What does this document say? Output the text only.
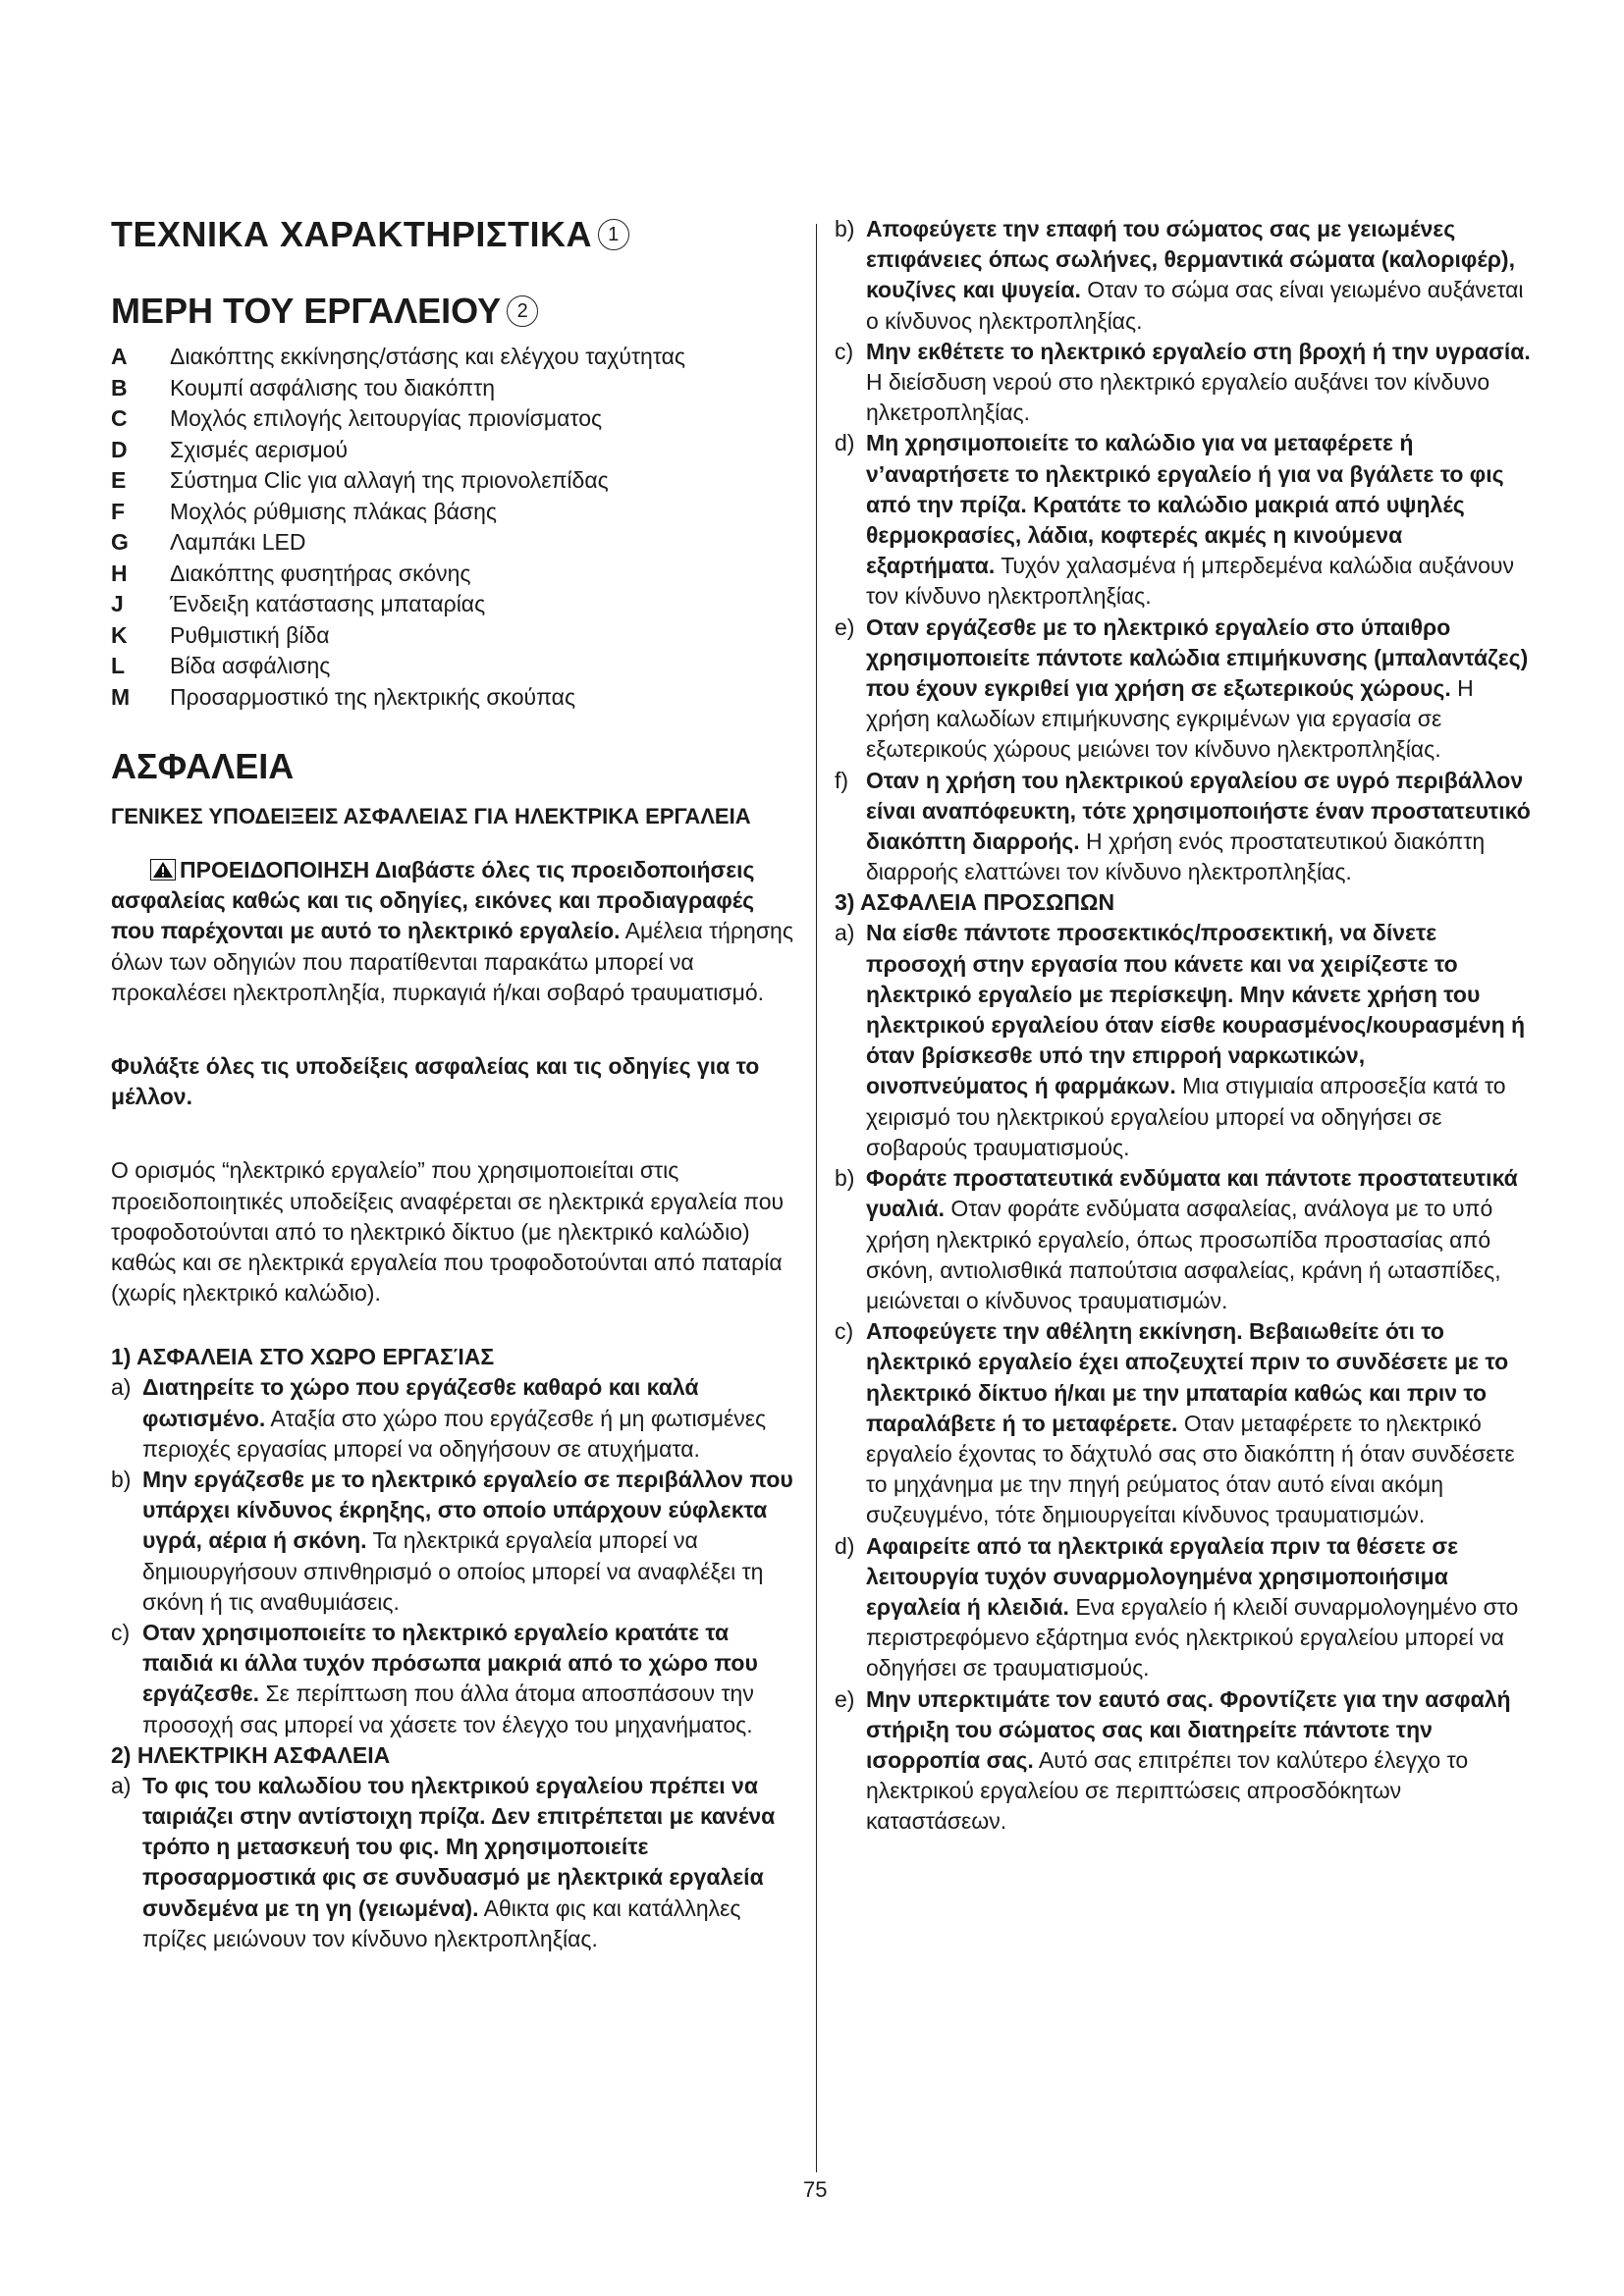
ΤΕΧΝΙΚΑ ΧΑΡΑΚΤΗΡΙΣΤΙΚΑ 1
ΜΕΡΗ ΤΟΥ ΕΡΓΑΛΕΙΟΥ 2
A	Διακόπτης εκκίνησης/στάσης και ελέγχου ταχύτητας
B	Κουμπί ασφάλισης του διακόπτη
C	Μοχλός επιλογής λειτουργίας πριονίσματος
D	Σχισμές αερισμού
E	Σύστημα Clic για αλλαγή της πριονολεπίδας
F	Μοχλός ρύθμισης πλάκας βάσης
G	Λαμπάκι LED
H	Διακόπτης φυσητήρας σκόνης
J	Ένδειξη κατάστασης μπαταρίας
K	Ρυθμιστική βίδα
L	Βίδα ασφάλισης
M	Προσαρμοστικό της ηλεκτρικής σκούπας
ΑΣΦΑΛΕΙΑ
ΓΕΝΙΚΕΣ ΥΠΟΔΕΙΞΕΙΣ ΑΣΦΑΛΕΙΑΣ ΓΙΑ ΗΛΕΚΤΡΙΚΑ ΕΡΓΑΛΕΙΑ

ΠΡΟΕΙΔΟΠΟΙΗΣΗ Διαβάστε όλες τις προειδοποιήσεις ασφαλείας καθώς και τις οδηγίες, εικόνες και προδιαγραφές που παρέχονται με αυτό το ηλεκτρικό εργαλείο. Αμέλεια τήρησης όλων των οδηγιών που παρατίθενται παρακάτω μπορεί να προκαλέσει ηλεκτροπληξία, πυρκαγιά ή/και σοβαρό τραυματισμό.

Φυλάξτε όλες τις υποδείξεις ασφαλείας και τις οδηγίες για το μέλλον.

Ο ορισμός “ηλεκτρικό εργαλείο” που χρησιμοποιείται στις προειδοποιητικές υποδείξεις αναφέρεται σε ηλεκτρικά εργαλεία που τροφοδοτούνται από το ηλεκτρικό δίκτυο (με ηλεκτρικό καλώδιο) καθώς και σε ηλεκτρικά εργαλεία που τροφοδοτούνται από παταρία (χωρίς ηλεκτρικό καλώδιο).

1) ΑΣΦΑΛΕΙΑ ΣΤΟ ΧΩΡΟ ΕΡΓΑΣΊΑΣ
a) Διατηρείτε το χώρο που εργάζεσθε καθαρό και καλά φωτισμένο. Αταξία στο χώρο που εργάζεσθε ή μη φωτισμένες περιοχές εργασίας μπορεί να οδηγήσουν σε ατυχήματα.
b) Μην εργάζεσθε με το ηλεκτρικό εργαλείο σε περιβάλλον που υπάρχει κίνδυνος έκρηξης, στο οποίο υπάρχουν εύφλεκτα υγρά, αέρια ή σκόνη. Τα ηλεκτρικά εργαλεία μπορεί να δημιουργήσουν σπινθηρισμό ο οποίος μπορεί να αναφλέξει τη σκόνη ή τις αναθυμιάσεις.
c) Οταν χρησιμοποιείτε το ηλεκτρικό εργαλείο κρατάτε τα παιδιά κι άλλα τυχόν πρόσωπα μακριά από το χώρο που εργάζεσθε. Σε περίπτωση που άλλα άτομα αποσπάσουν την προσοχή σας μπορεί να χάσετε τον έλεγχο του μηχανήματος.
2) ΗΛΕΚΤΡΙΚΗ ΑΣΦΑΛΕΙΑ
a) Το φις του καλωδίου του ηλεκτρικού εργαλείου πρέπει να ταιριάζει στην αντίστοιχη πρίζα. Δεν επιτρέπεται με κανένα τρόπο η μετασκευή του φις. Μη χρησιμοποιείτε προσαρμοστικά φις σε συνδυασμό με ηλεκτρικά εργαλεία συνδεμένα με τη γη (γειωμένα). Αθικτα φις και κατάλληλες πρίζες μειώνουν τον κίνδυνο ηλεκτροπληξίας.
b) Αποφεύγετε την επαφή του σώματος σας με γειωμένες επιφάνειες όπως σωλήνες, θερμαντικά σώματα (καλοριφέρ), κουζίνες και ψυγεία. Οταν το σώμα σας είναι γειωμένο αυξάνεται ο κίνδυνος ηλεκτροπληξίας.
c) Μην εκθέτετε το ηλεκτρικό εργαλείο στη βροχή ή την υγρασία. Η διείσδυση νερού στο ηλεκτρικό εργαλείο αυξάνει τον κίνδυνο ηλκετροπληξίας.
d) Μη χρησιμοποιείτε το καλώδιο για να μεταφέρετε ή ν’αναρτήσετε το ηλεκτρικό εργαλείο ή για να βγάλετε το φις από την πρίζα. Κρατάτε το καλώδιο μακριά από υψηλές θερμοκρασίες, λάδια, κοφτερές ακμές η κινούμενα εξαρτήματα. Τυχόν χαλασμένα ή μπερδεμένα καλώδια αυξάνουν τον κίνδυνο ηλεκτροπληξίας.
e) Οταν εργάζεσθε με το ηλεκτρικό εργαλείο στο ύπαιθρο χρησιμοποιείτε πάντοτε καλώδια επιμήκυνσης (μπαλαντάζες) που έχουν εγκριθεί για χρήση σε εξωτερικούς χώρους. Η χρήση καλωδίων επιμήκυνσης εγκριμένων για εργασία σε εξωτερικούς χώρους μειώνει τον κίνδυνο ηλεκτροπληξίας.
f) Οταν η χρήση του ηλεκτρικού εργαλείου σε υγρό περιβάλλον είναι αναπόφευκτη, τότε χρησιμοποιήστε έναν προστατευτικό διακόπτη διαρροής. Η χρήση ενός προστατευτικού διακόπτη διαρροής ελαττώνει τον κίνδυνο ηλεκτροπληξίας.
3) ΑΣΦΑΛΕΙΑ ΠΡΟΣΩΠΩΝ
a) Να είσθε πάντοτε προσεκτικός/προσεκτική, να δίνετε προσοχή στην εργασία που κάνετε και να χειρίζεστε το ηλεκτρικό εργαλείο με περίσκεψη. Μην κάνετε χρήση του ηλεκτρικού εργαλείου όταν είσθε κουρασμένος/κουρασμένη ή όταν βρίσκεσθε υπό την επιρροή ναρκωτικών, οινοπνεύματος ή φαρμάκων. Μια στιγμιαία απροσεξία κατά το χειρισμό του ηλεκτρικού εργαλείου μπορεί να οδηγήσει σε σοβαρούς τραυματισμούς.
b) Φοράτε προστατευτικά ενδύματα και πάντοτε προστατευτικά γυαλιά. Οταν φοράτε ενδύματα ασφαλείας, ανάλογα με το υπό χρήση ηλεκτρικό εργαλείο, όπως προσωπίδα προστασίας από σκόνη, αντιολισθικά παπούτσια ασφαλείας, κράνη ή ωτασπίδες, μειώνεται ο κίνδυνος τραυματισμών.
c) Αποφεύγετε την αθέλητη εκκίνηση. Βεβαιωθείτε ότι το ηλεκτρικό εργαλείο έχει αποζευχτεί πριν το συνδέσετε με το ηλεκτρικό δίκτυο ή/και με την μπαταρία καθώς και πριν το παραλάβετε ή το μεταφέρετε. Οταν μεταφέρετε το ηλεκτρικό εργαλείο έχοντας το δάχτυλό σας στο διακόπτη ή όταν συνδέσετε το μηχάνημα με την πηγή ρεύματος όταν αυτό είναι ακόμη συζευγμένο, τότε δημιουργείται κίνδυνος τραυματισμών.
d) Αφαιρείτε από τα ηλεκτρικά εργαλεία πριν τα θέσετε σε λειτουργία τυχόν συναρμολογημένα χρησιμοποιήσιμα εργαλεία ή κλειδιά. Ενα εργαλείο ή κλειδί συναρμολογημένο στο περιστρεφόμενο εξάρτημα ενός ηλεκτρικού εργαλείου μπορεί να οδηγήσει σε τραυματισμούς.
e) Μην υπερκτιμάτε τον εαυτό σας. Φροντίζετε για την ασφαλή στήριξη του σώματος σας και διατηρείτε πάντοτε την ισορροπία σας. Αυτό σας επιτρέπει τον καλύτερο έλεγχο το ηλεκτρικού εργαλείου σε περιπτώσεις απροσδόκητων καταστάσεων.
75
